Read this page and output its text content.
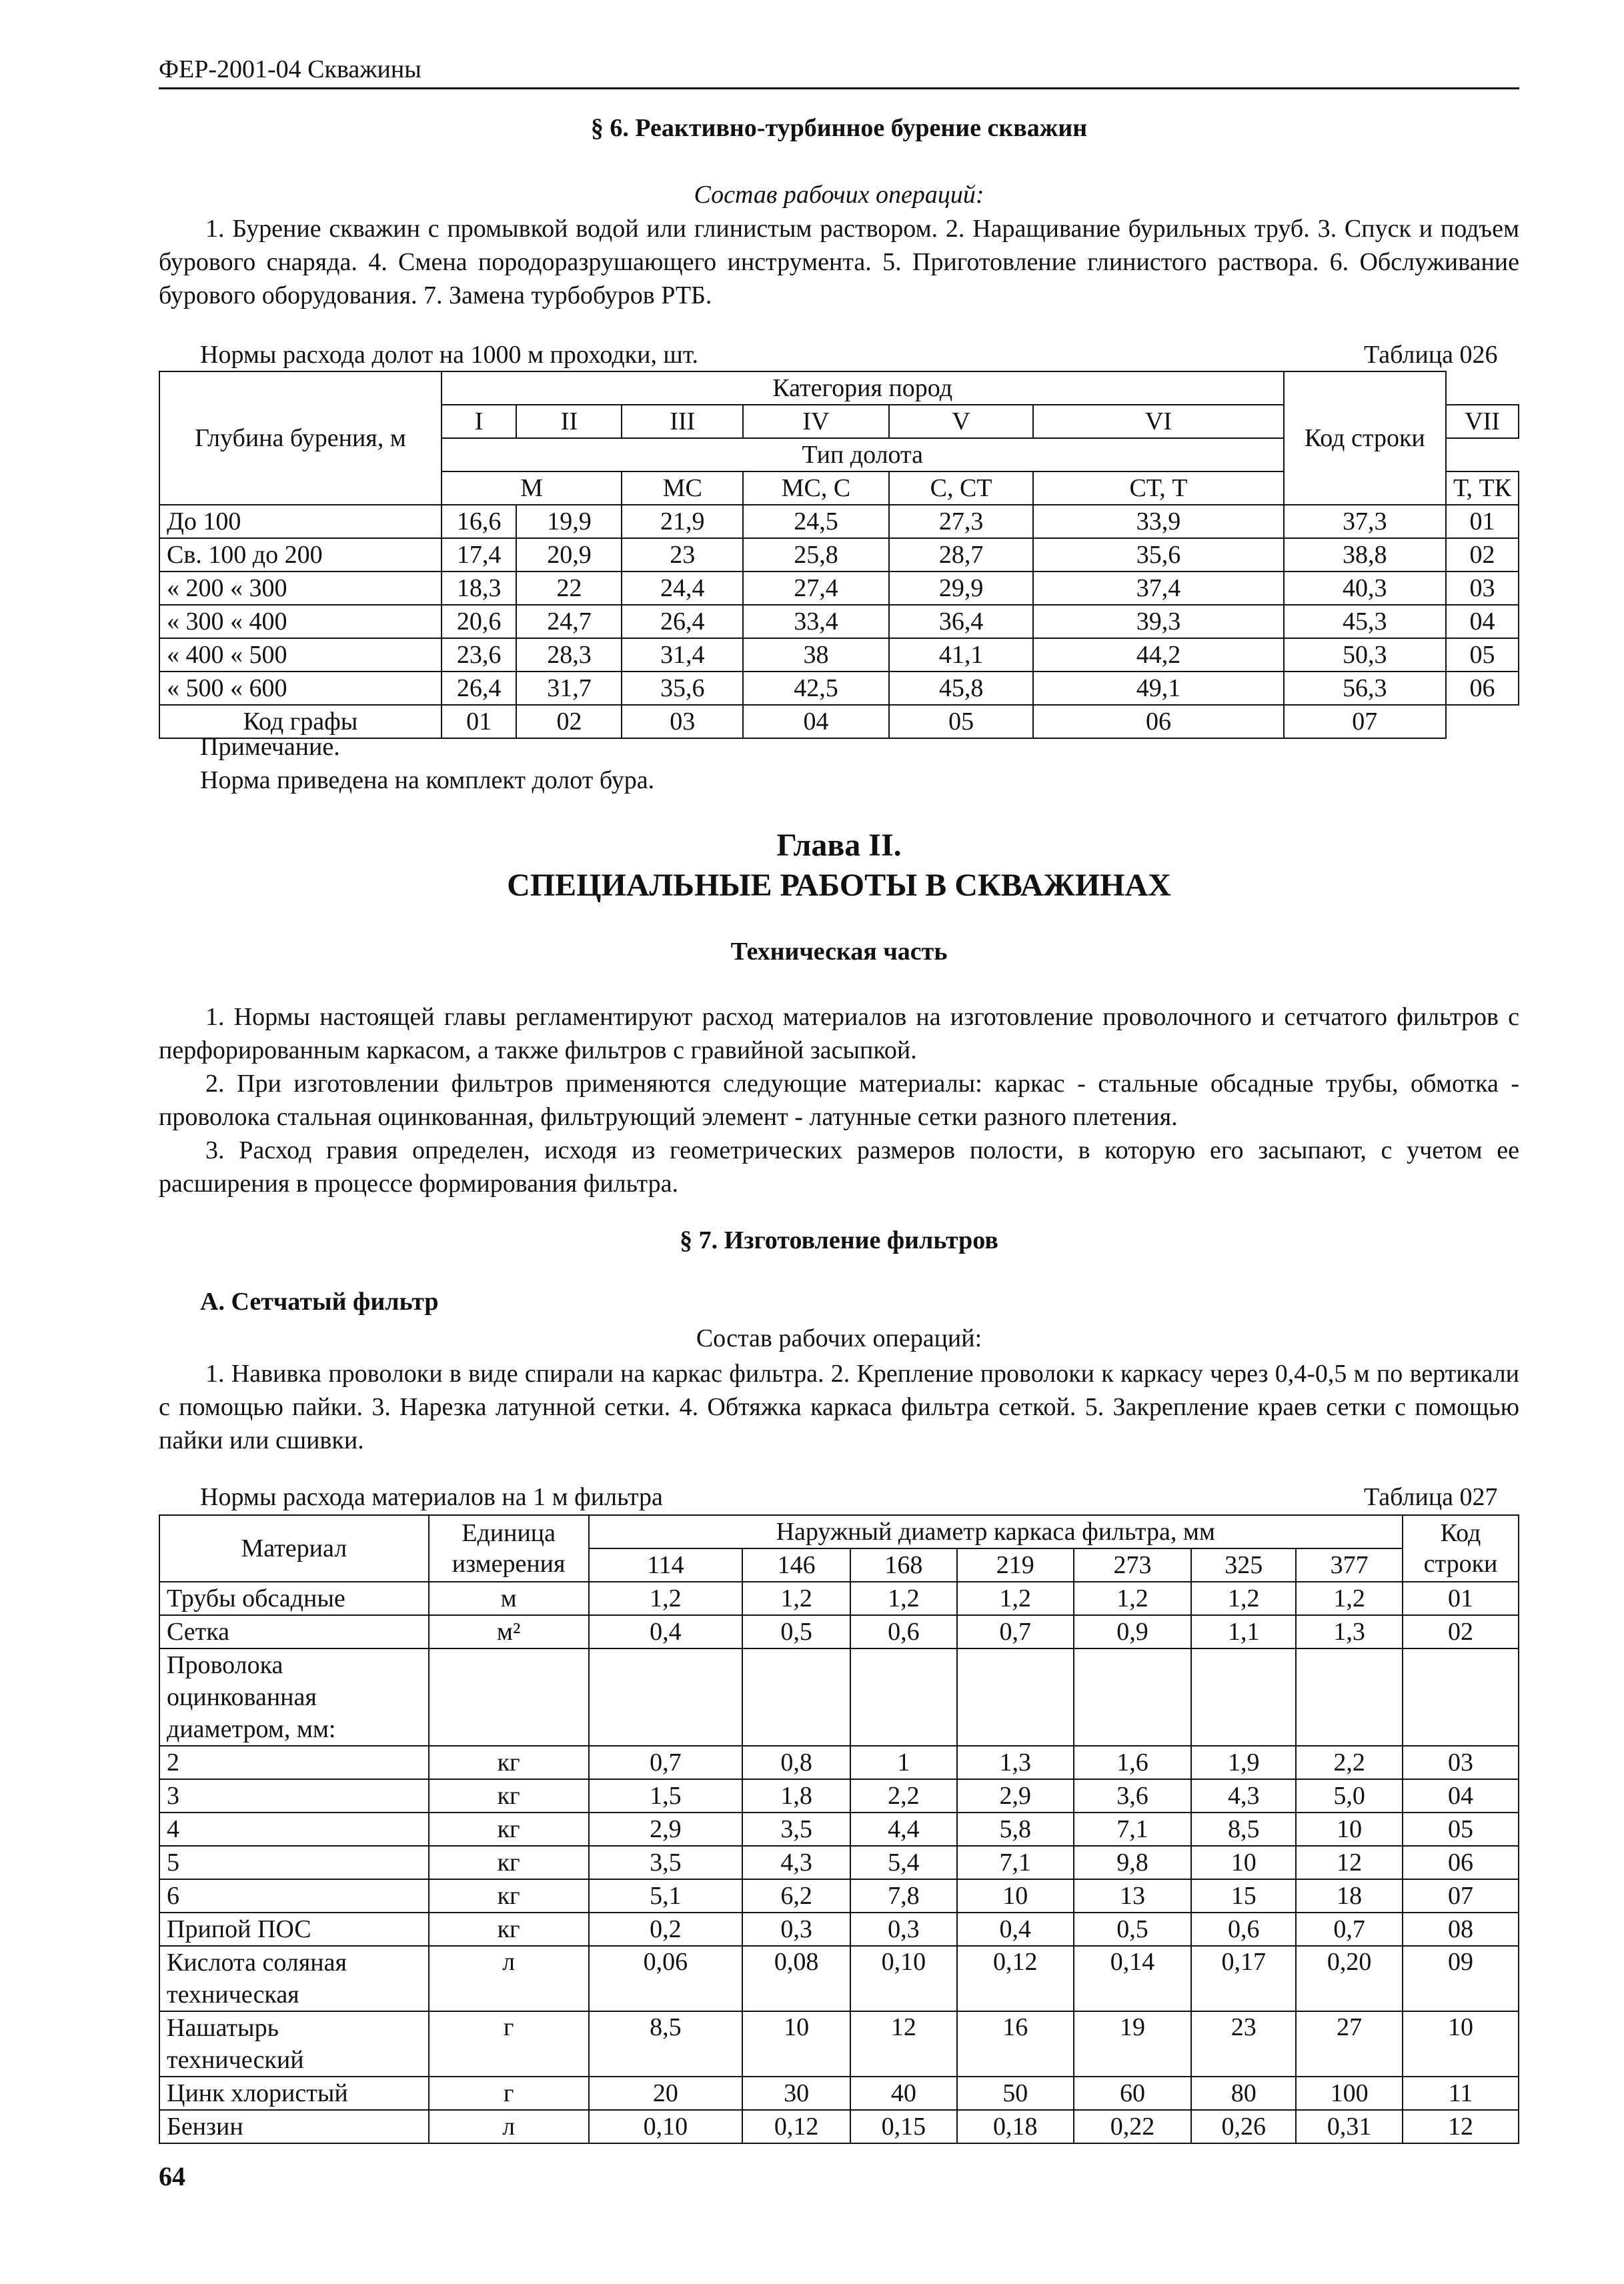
ФЕР-2001-04 Скважины
§ 6. Реактивно-турбинное бурение скважин
Состав рабочих операций:
1. Бурение скважин с промывкой водой или глинистым раствором. 2. Наращивание бурильных труб. 3. Спуск и подъем бурового снаряда. 4. Смена породоразрушающего инструмента. 5. Приготовление глинистого раствора. 6. Обслуживание бурового оборудования. 7. Замена турбобуров РТБ.
Нормы расхода долот на 1000 м проходки, шт.	Таблица 026
Глубина бурения, м	Категория пород						Код строки	
	I	II	III	IV	V	VI		VII
	Тип долота							
	М		МС	МС, С	С, СТ	СТ, Т		Т, ТК
До 100	16,6	19,9	21,9	24,5	27,3	33,9	37,3	01
Св. 100 до 200	17,4	20,9	23	25,8	28,7	35,6	38,8	02
« 200 « 300	18,3	22	24,4	27,4	29,9	37,4	40,3	03
« 300 « 400	20,6	24,7	26,4	33,4	36,4	39,3	45,3	04
« 400 « 500	23,6	28,3	31,4	38	41,1	44,2	50,3	05
« 500 « 600	26,4	31,7	35,6	42,5	45,8	49,1	56,3	06
Код графы	01	02	03	04	05	06	07	
Примечание.
Норма приведена на комплект долот бура.
Глава II.
СПЕЦИАЛЬНЫЕ РАБОТЫ В СКВАЖИНАХ
Техническая часть
1. Нормы настоящей главы регламентируют расход материалов на изготовление проволочного и сетчатого фильтров с перфорированным каркасом, а также фильтров с гравийной засыпкой.
2. При изготовлении фильтров применяются следующие материалы: каркас - стальные обсадные трубы, обмотка - проволока стальная оцинкованная, фильтрующий элемент - латунные сетки разного плетения.
3. Расход гравия определен, исходя из геометрических размеров полости, в которую его засыпают, с учетом ее расширения в процессе формирования фильтра.
§ 7. Изготовление фильтров
А. Сетчатый фильтр
Состав рабочих операций:
1. Навивка проволоки в виде спирали на каркас фильтра. 2. Крепление проволоки к каркасу через 0,4-0,5 м по вертикали с помощью пайки. 3. Нарезка латунной сетки. 4. Обтяжка каркаса фильтра сеткой. 5. Закрепление краев сетки с помощью пайки или сшивки.
Нормы расхода материалов на 1 м фильтра	Таблица 027
Материал	Единица измерения	Наружный диаметр каркаса фильтра, мм							Код строки
		114	146	168	219	273	325	377	
Трубы обсадные	м	1,2	1,2	1,2	1,2	1,2	1,2	1,2	01
Сетка	м²	0,4	0,5	0,6	0,7	0,9	1,1	1,3	02
Проволока оцинкованная диаметром, мм:									
2	кг	0,7	0,8	1	1,3	1,6	1,9	2,2	03
3	кг	1,5	1,8	2,2	2,9	3,6	4,3	5,0	04
4	кг	2,9	3,5	4,4	5,8	7,1	8,5	10	05
5	кг	3,5	4,3	5,4	7,1	9,8	10	12	06
6	кг	5,1	6,2	7,8	10	13	15	18	07
Припой ПОС	кг	0,2	0,3	0,3	0,4	0,5	0,6	0,7	08
Кислота соляная техническая	л	0,06	0,08	0,10	0,12	0,14	0,17	0,20	09
Нашатырь технический	г	8,5	10	12	16	19	23	27	10
Цинк хлористый	г	20	30	40	50	60	80	100	11
Бензин	л	0,10	0,12	0,15	0,18	0,22	0,26	0,31	12
64
